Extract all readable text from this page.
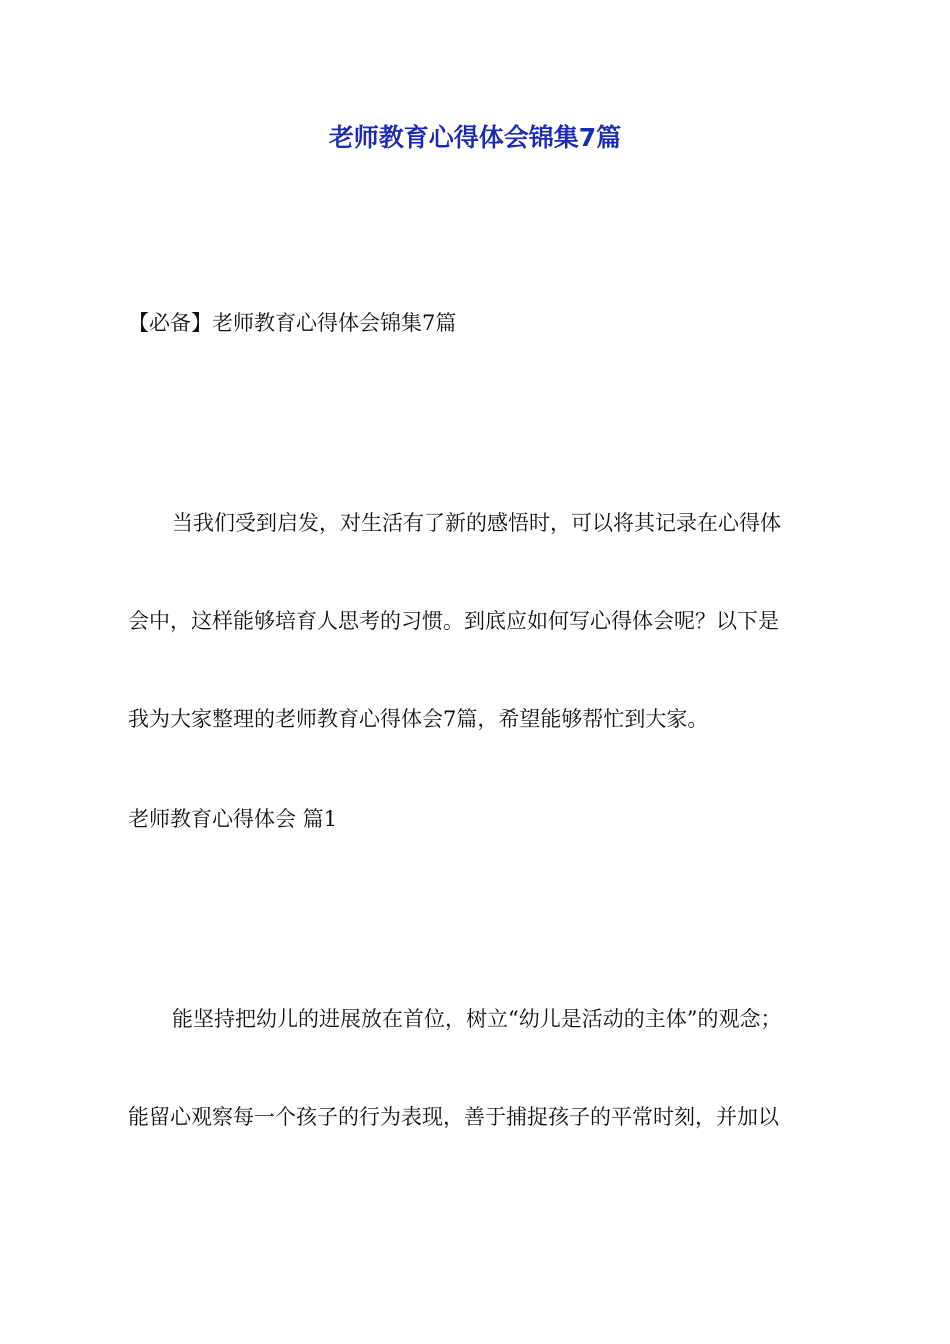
老师教育心得体会锦集7篇

【必备】老师教育心得体会锦集7篇

当我们受到启发，对生活有了新的感悟时，可以将其记录在心得体

会中，这样能够培育人思考的习惯。到底应如何写心得体会呢？以下是

我为大家整理的老师教育心得体会7篇，希望能够帮忙到大家。

老师教育心得体会 篇1

能坚持把幼儿的进展放在首位，树立“幼儿是活动的主体”的观念；

能留心观察每一个孩子的行为表现，善于捕捉孩子的平常时刻，并加以
